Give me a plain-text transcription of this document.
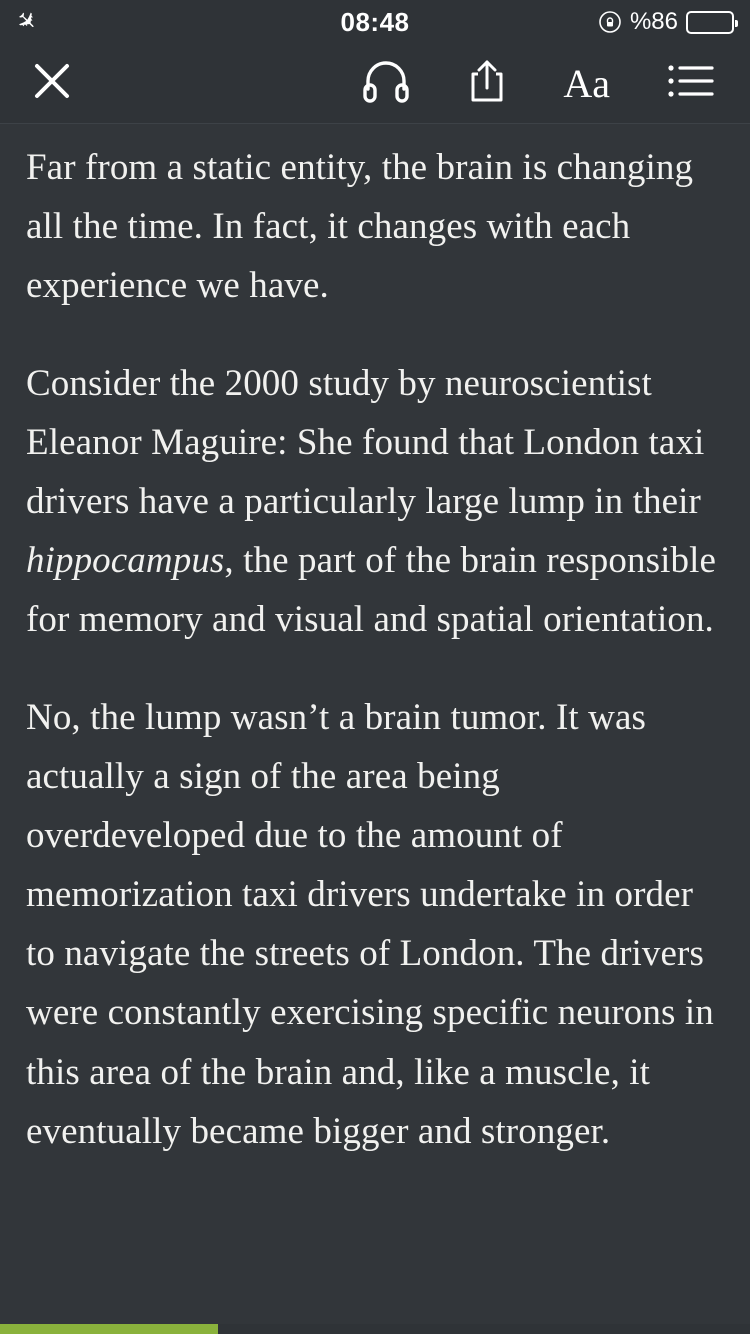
✈	08:48	%86
Aa

Far from a static entity, the brain is changing all the time. In fact, it changes with each experience we have.

Consider the 2000 study by neuroscientist Eleanor Maguire: She found that London taxi drivers have a particularly large lump in their hippocampus, the part of the brain responsible for memory and visual and spatial orientation.

No, the lump wasn’t a brain tumor. It was actually a sign of the area being overdeveloped due to the amount of memorization taxi drivers undertake in order to navigate the streets of London. The drivers were constantly exercising specific neurons in this area of the brain and, like a muscle, it eventually became bigger and stronger.
